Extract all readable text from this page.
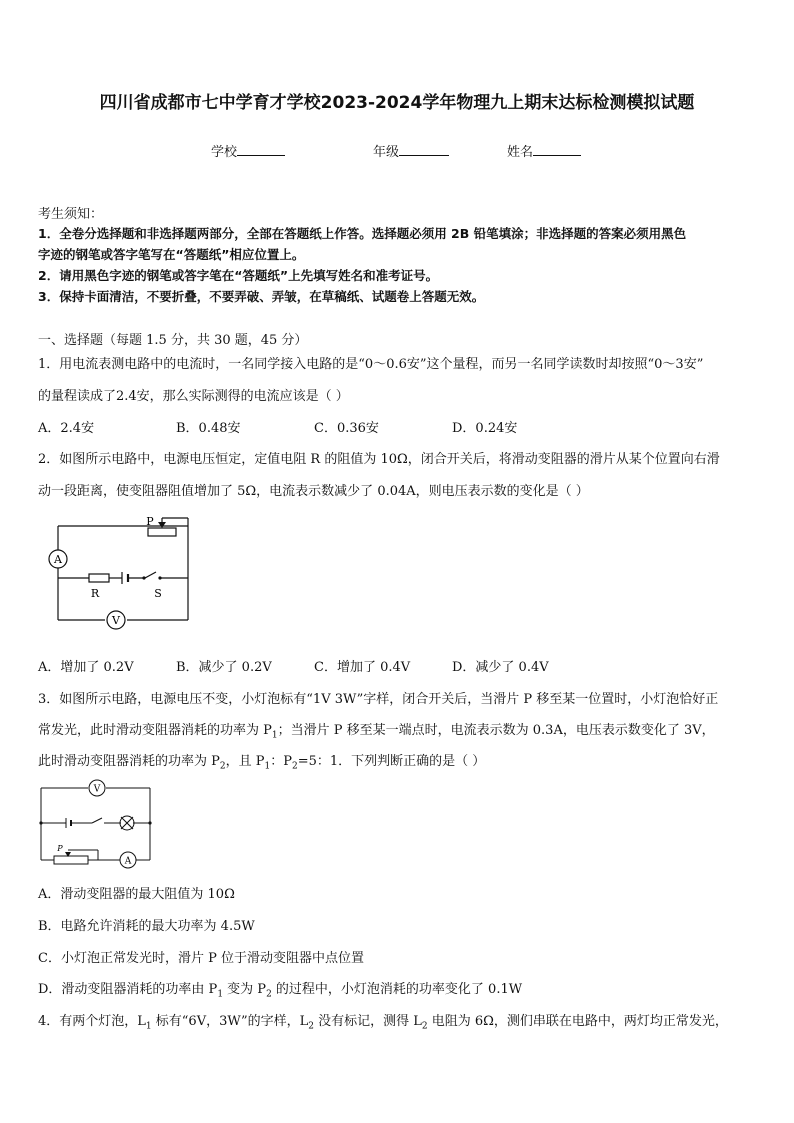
四川省成都市七中学育才学校2023-2024学年物理九上期末达标检测模拟试题
学校	年级	姓名
考生须知：
1．全卷分选择题和非选择题两部分，全部在答题纸上作答。选择题必须用 2B 铅笔填涂；非选择题的答案必须用黑色
字迹的钢笔或答字笔写在“答题纸”相应位置上。
2．请用黑色字迹的钢笔或答字笔在“答题纸”上先填写姓名和准考证号。
3．保持卡面清洁，不要折叠，不要弄破、弄皱，在草稿纸、试题卷上答题无效。
一、选择题（每题 1.5 分，共 30 题，45 分）
1．用电流表测电路中的电流时，一名同学接入电路的是“0～0.6安”这个量程，而另一名同学读数时却按照“0～3安”
的量程读成了2.4安，那么实际测得的电流应该是（ ）
A．2.4安	B．0.48安	C．0.36安	D．0.24安
2．如图所示电路中，电源电压恒定，定值电阻 R 的阻值为 10Ω，闭合开关后，将滑动变阻器的滑片从某个位置向右滑
动一段距离，使变阻器阻值增加了 5Ω，电流表示数减少了 0.04A，则电压表示数的变化是（ ）
A
V
P
R	S
A．增加了 0.2V	B．减少了 0.2V	C．增加了 0.4V	D．减少了 0.4V
3．如图所示电路，电源电压不变，小灯泡标有“1V 3W”字样，闭合开关后，当滑片 P 移至某一位置时，小灯泡恰好正
常发光，此时滑动变阻器消耗的功率为 $P_1$；当滑片 P 移至某一端点时，电流表示数为 0.3A，电压表示数变化了 3V，
此时滑动变阻器消耗的功率为 $P_2$，且 $P_1$：$P_2=5$：1．下列判断正确的是（ ）
V
A
P
A．滑动变阻器的最大阻值为 10Ω
B．电路允许消耗的最大功率为 4.5W
C．小灯泡正常发光时，滑片 P 位于滑动变阻器中点位置
D．滑动变阻器消耗的功率由 $P_1$ 变为 $P_2$ 的过程中，小灯泡消耗的功率变化了 0.1W
4．有两个灯泡，$L_1$ 标有“6V，3W”的字样，$L_2$ 没有标记，测得 $L_2$ 电阻为 6Ω，测们串联在电路中，两灯均正常发光，
